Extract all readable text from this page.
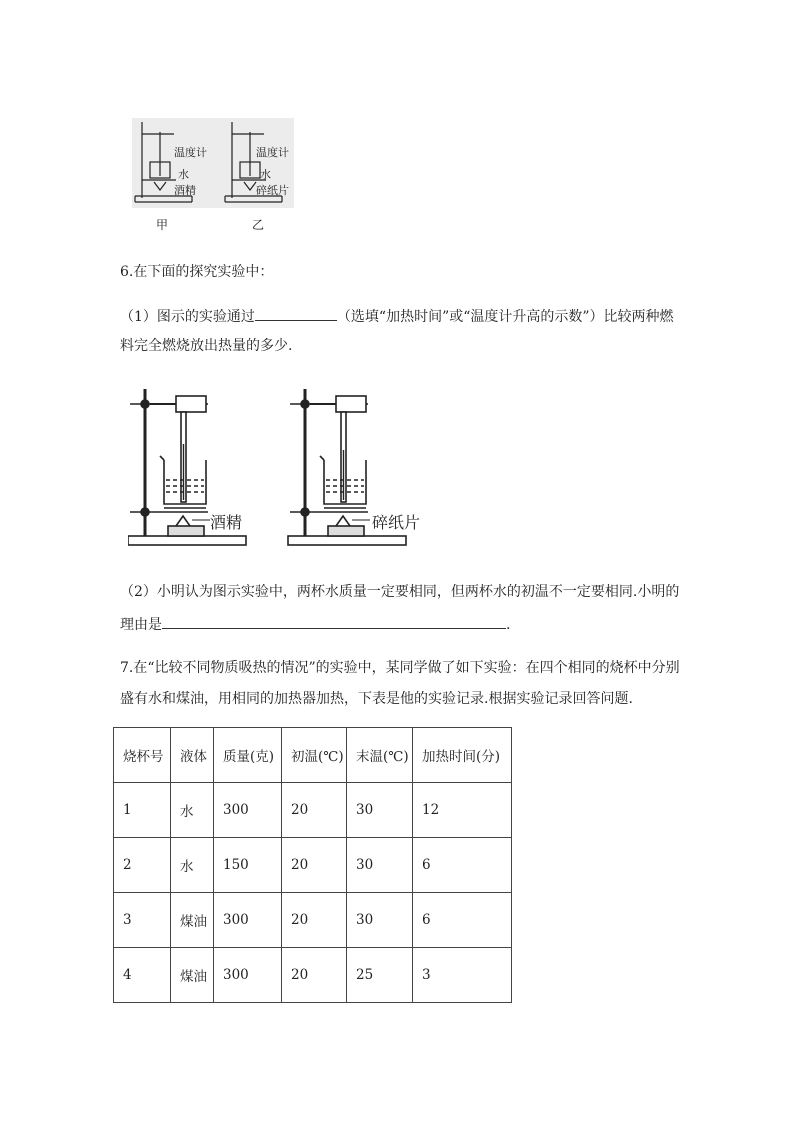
温度计
水
酒精
温度计
水
碎纸片
甲	乙
6.在下面的探究实验中：
（1）图示的实验通过	（选填“加热时间”或“温度计升高的示数”）比较两种燃
料完全燃烧放出热量的多少.
酒精	碎纸片
（2）小明认为图示实验中，两杯水质量一定要相同，但两杯水的初温不一定要相同.小明的
理由是	.
7.在“比较不同物质吸热的情况”的实验中，某同学做了如下实验：在四个相同的烧杯中分别
盛有水和煤油，用相同的加热器加热，下表是他的实验记录.根据实验记录回答问题.
烧杯号	液体	质量(克)	初温(℃)	末温(℃)	加热时间(分)
1	水	300	20	30	12
2	水	150	20	30	6
3	煤油	300	20	30	6
4	煤油	300	20	25	3
